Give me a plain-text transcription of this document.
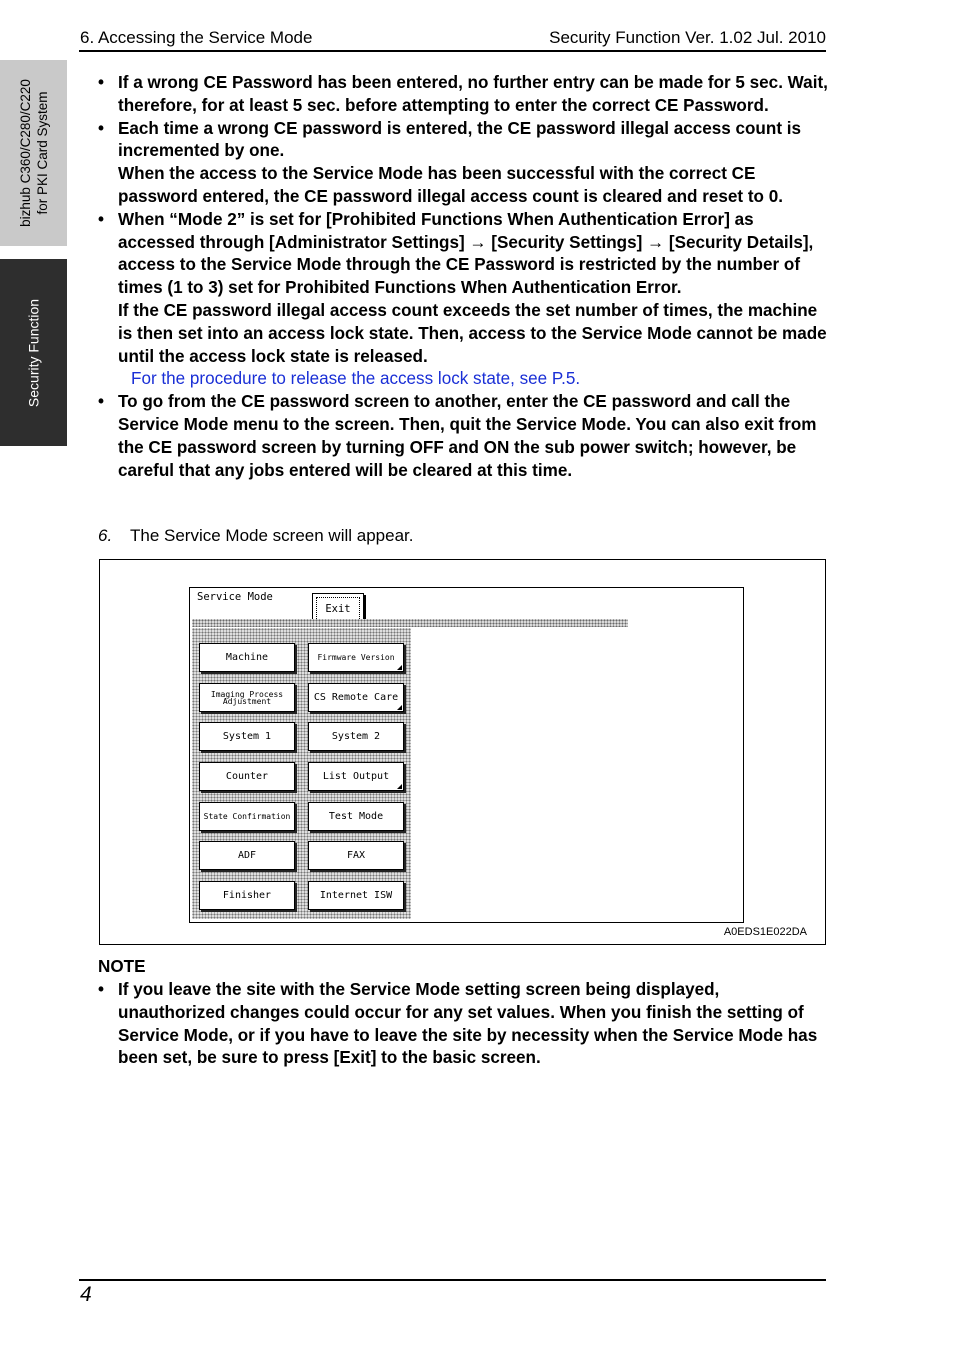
6. Accessing the Service Mode	Security Function Ver. 1.02 Jul. 2010
bizhub C360/C280/C220 for PKI Card System
Security Function
• If a wrong CE Password has been entered, no further entry can be made for 5 sec. Wait, therefore, for at least 5 sec. before attempting to enter the correct CE Password.
• Each time a wrong CE password is entered, the CE password illegal access count is incremented by one.
When the access to the Service Mode has been successful with the correct CE password entered, the CE password illegal access count is cleared and reset to 0.
• When “Mode 2” is set for [Prohibited Functions When Authentication Error] as accessed through [Administrator Settings] → [Security Settings] → [Security Details], access to the Service Mode through the CE Password is restricted by the number of times (1 to 3) set for Prohibited Functions When Authentication Error.
If the CE password illegal access count exceeds the set number of times, the machine is then set into an access lock state. Then, access to the Service Mode cannot be made until the access lock state is released.
For the procedure to release the access lock state, see P.5.
• To go from the CE password screen to another, enter the CE password and call the Service Mode menu to the screen. Then, quit the Service Mode. You can also exit from the CE password screen by turning OFF and ON the sub power switch; however, be careful that any jobs entered will be cleared at this time.
6. The Service Mode screen will appear.
Service Mode
Exit
Machine
Imaging Process Adjustment
System 1
Counter
State Confirmation
ADF
Finisher
Firmware Version
CS Remote Care
System 2
List Output
Test Mode
FAX
Internet ISW
A0EDS1E022DA
NOTE
• If you leave the site with the Service Mode setting screen being displayed, unauthorized changes could occur for any set values. When you finish the setting of Service Mode, or if you have to leave the site by necessity when the Service Mode has been set, be sure to press [Exit] to the basic screen.
4
